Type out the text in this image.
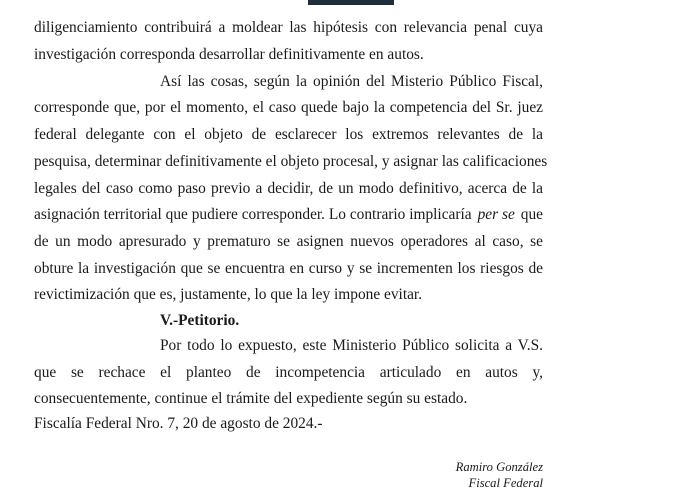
diligenciamiento contribuirá a moldear las hipótesis con relevancia penal cuya
investigación corresponda desarrollar definitivamente en autos.
Así las cosas, según la opinión del Misterio Público Fiscal,
corresponde que, por el momento, el caso quede bajo la competencia del Sr. juez
federal delegante con el objeto de esclarecer los extremos relevantes de la
pesquisa, determinar definitivamente el objeto procesal, y asignar las calificaciones
legales del caso como paso previo a decidir, de un modo definitivo, acerca de la
asignación territorial que pudiere corresponder. Lo contrario implicaría per se que
de un modo apresurado y prematuro se asignen nuevos operadores al caso, se
obture la investigación que se encuentra en curso y se incrementen los riesgos de
revictimización que es, justamente, lo que la ley impone evitar.
V.-Petitorio.
Por todo lo expuesto, este Ministerio Público solicita a V.S.
que se rechace el planteo de incompetencia articulado en autos y,
consecuentemente, continue el trámite del expediente según su estado.
Fiscalía Federal Nro. 7, 20 de agosto de 2024.-
Ramiro González
Fiscal Federal
